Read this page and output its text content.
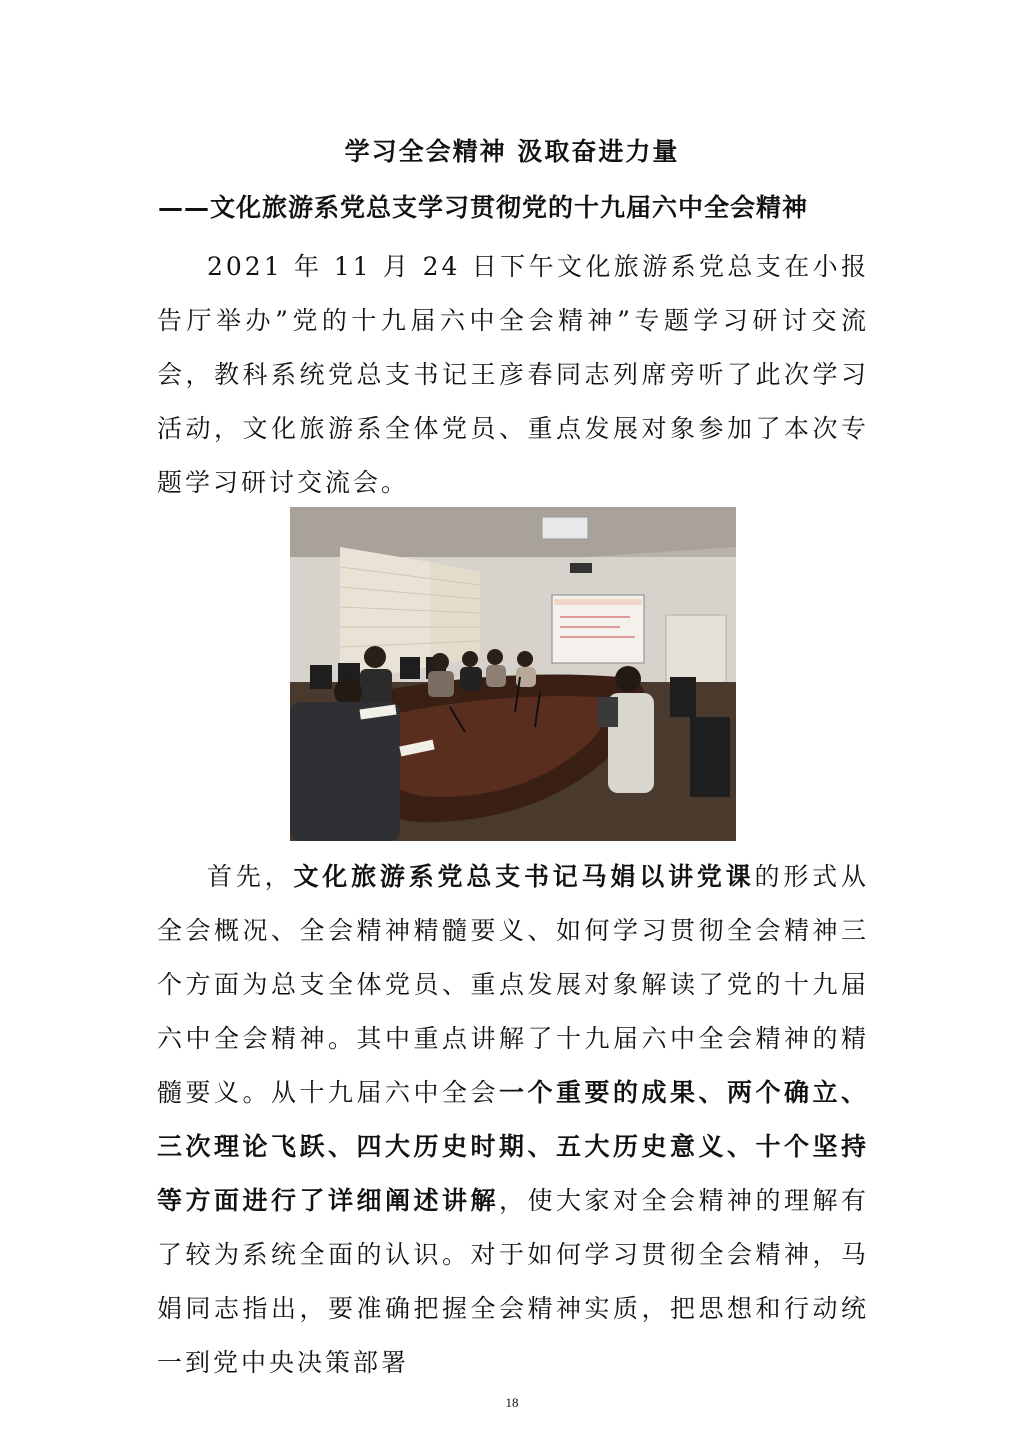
学习全会精神 汲取奋进力量
——文化旅游系党总支学习贯彻党的十九届六中全会精神

2021 年 11 月 24 日下午文化旅游系党总支在小报告厅举办”党的十九届六中全会精神”专题学习研讨交流会，教科系统党总支书记王彦春同志列席旁听了此次学习活动，文化旅游系全体党员、重点发展对象参加了本次专题学习研讨交流会。

首先，文化旅游系党总支书记马娟以讲党课的形式从全会概况、全会精神精髓要义、如何学习贯彻全会精神三个方面为总支全体党员、重点发展对象解读了党的十九届六中全会精神。其中重点讲解了十九届六中全会精神的精髓要义。从十九届六中全会一个重要的成果、两个确立、三次理论飞跃、四大历史时期、五大历史意义、十个坚持等方面进行了详细阐述讲解，使大家对全会精神的理解有了较为系统全面的认识。对于如何学习贯彻全会精神，马娟同志指出，要准确把握全会精神实质，把思想和行动统一到党中央决策部署

18
